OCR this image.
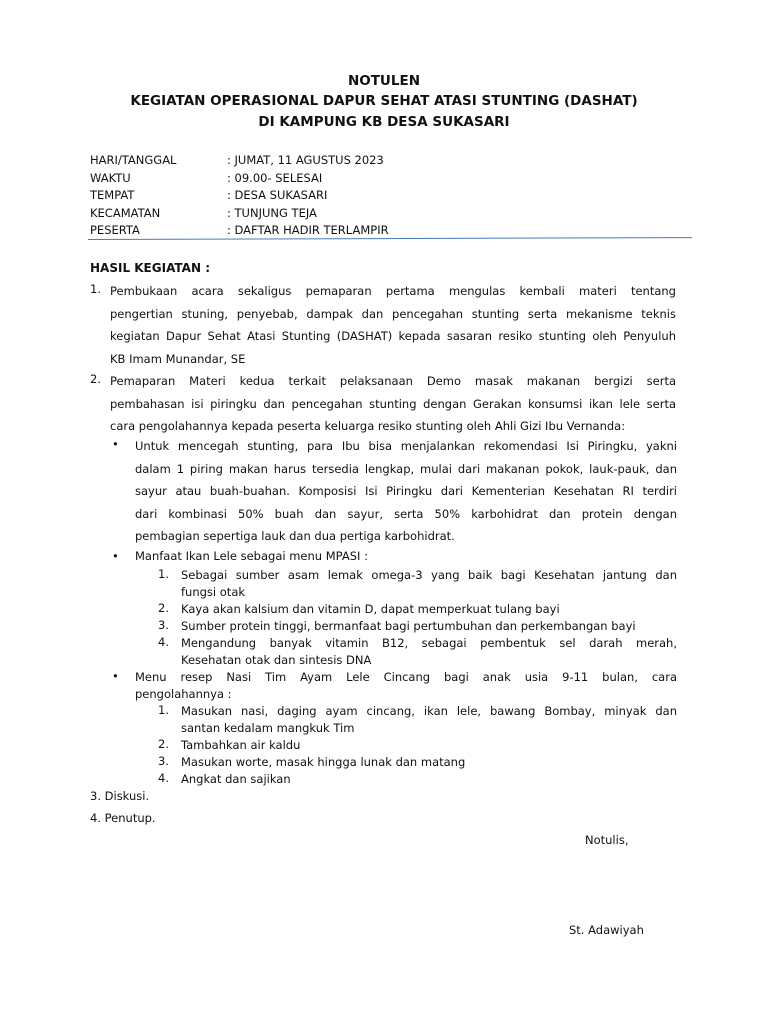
NOTULEN
KEGIATAN OPERASIONAL DAPUR SEHAT ATASI STUNTING (DASHAT)
DI KAMPUNG KB DESA SUKASARI
HARI/TANGGAL	: JUMAT, 11 AGUSTUS 2023
WAKTU	: 09.00- SELESAI
TEMPAT	: DESA SUKASARI
KECAMATAN	: TUNJUNG TEJA
PESERTA	: DAFTAR HADIR TERLAMPIR
HASIL KEGIATAN :
1. Pembukaan acara sekaligus pemaparan pertama mengulas kembali materi tentang
pengertian stuning, penyebab, dampak dan pencegahan stunting serta mekanisme teknis
kegiatan Dapur Sehat Atasi Stunting (DASHAT) kepada sasaran resiko stunting oleh Penyuluh
KB Imam Munandar, SE
2. Pemaparan Materi kedua terkait pelaksanaan Demo masak makanan bergizi serta
pembahasan isi piringku dan pencegahan stunting dengan Gerakan konsumsi ikan lele serta
cara pengolahannya kepada peserta keluarga resiko stunting oleh Ahli Gizi Ibu Vernanda:
• Untuk mencegah stunting, para Ibu bisa menjalankan rekomendasi Isi Piringku, yakni
dalam 1 piring makan harus tersedia lengkap, mulai dari makanan pokok, lauk-pauk, dan
sayur atau buah-buahan. Komposisi Isi Piringku dari Kementerian Kesehatan RI terdiri
dari kombinasi 50% buah dan sayur, serta 50% karbohidrat dan protein dengan
pembagian sepertiga lauk dan dua pertiga karbohidrat.
• Manfaat Ikan Lele sebagai menu MPASI :
1. Sebagai sumber asam lemak omega-3 yang baik bagi Kesehatan jantung dan
fungsi otak
2. Kaya akan kalsium dan vitamin D, dapat memperkuat tulang bayi
3. Sumber protein tinggi, bermanfaat bagi pertumbuhan dan perkembangan bayi
4. Mengandung banyak vitamin B12, sebagai pembentuk sel darah merah,
Kesehatan otak dan sintesis DNA
• Menu resep Nasi Tim Ayam Lele Cincang bagi anak usia 9-11 bulan, cara
pengolahannya :
1. Masukan nasi, daging ayam cincang, ikan lele, bawang Bombay, minyak dan
santan kedalam mangkuk Tim
2. Tambahkan air kaldu
3. Masukan worte, masak hingga lunak dan matang
4. Angkat dan sajikan
3. Diskusi.
4. Penutup.
Notulis,
St. Adawiyah
